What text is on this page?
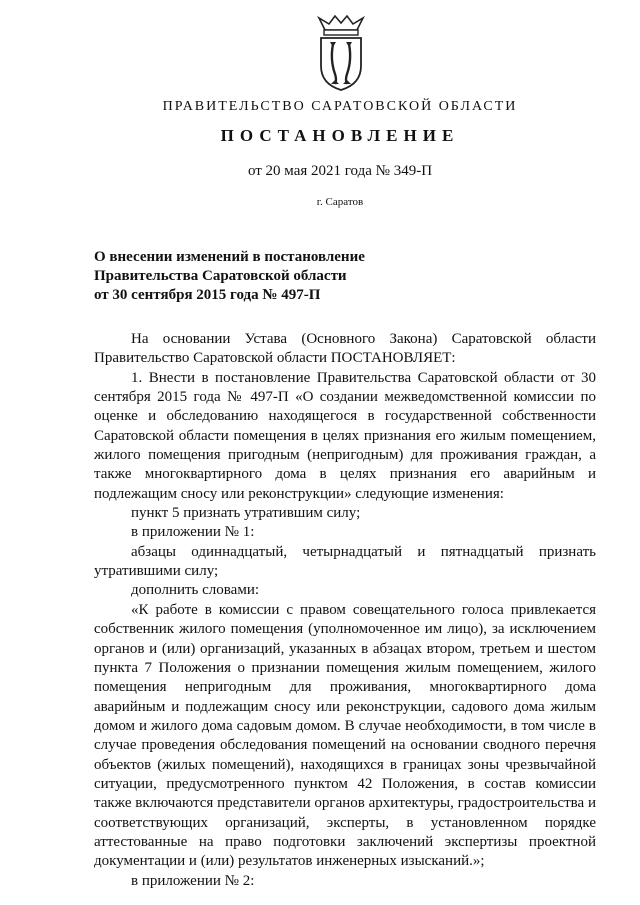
ПРАВИТЕЛЬСТВО САРАТОВСКОЙ ОБЛАСТИ
ПОСТАНОВЛЕНИЕ
от 20 мая 2021 года № 349-П
г. Саратов
О внесении изменений в постановление
Правительства Саратовской области
от 30 сентября 2015 года № 497-П

На основании Устава (Основного Закона) Саратовской области Правительство Саратовской области ПОСТАНОВЛЯЕТ:

1. Внести в постановление Правительства Саратовской области от 30 сентября 2015 года № 497-П «О создании межведомственной комиссии по оценке и обследованию находящегося в государственной собственности Саратовской области помещения в целях признания его жилым помещением, жилого помещения пригодным (непригодным) для проживания граждан, а также многоквартирного дома в целях признания его аварийным и подлежащим сносу или реконструкции» следующие изменения:

пункт 5 признать утратившим силу;

в приложении № 1:

абзацы одиннадцатый, четырнадцатый и пятнадцатый признать утратившими силу;

дополнить словами:

«К работе в комиссии с правом совещательного голоса привлекается собственник жилого помещения (уполномоченное им лицо), за исключением органов и (или) организаций, указанных в абзацах втором, третьем и шестом пункта 7 Положения о признании помещения жилым помещением, жилого помещения непригодным для проживания, многоквартирного дома аварийным и подлежащим сносу или реконструкции, садового дома жилым домом и жилого дома садовым домом. В случае необходимости, в том числе в случае проведения обследования помещений на основании сводного перечня объектов (жилых помещений), находящихся в границах зоны чрезвычайной ситуации, предусмотренного пунктом 42 Положения, в состав комиссии также включаются представители органов архитектуры, градостроительства и соответствующих организаций, эксперты, в установленном порядке аттестованные на право подготовки заключений экспертизы проектной документации и (или) результатов инженерных изысканий.»;

в приложении № 2:
